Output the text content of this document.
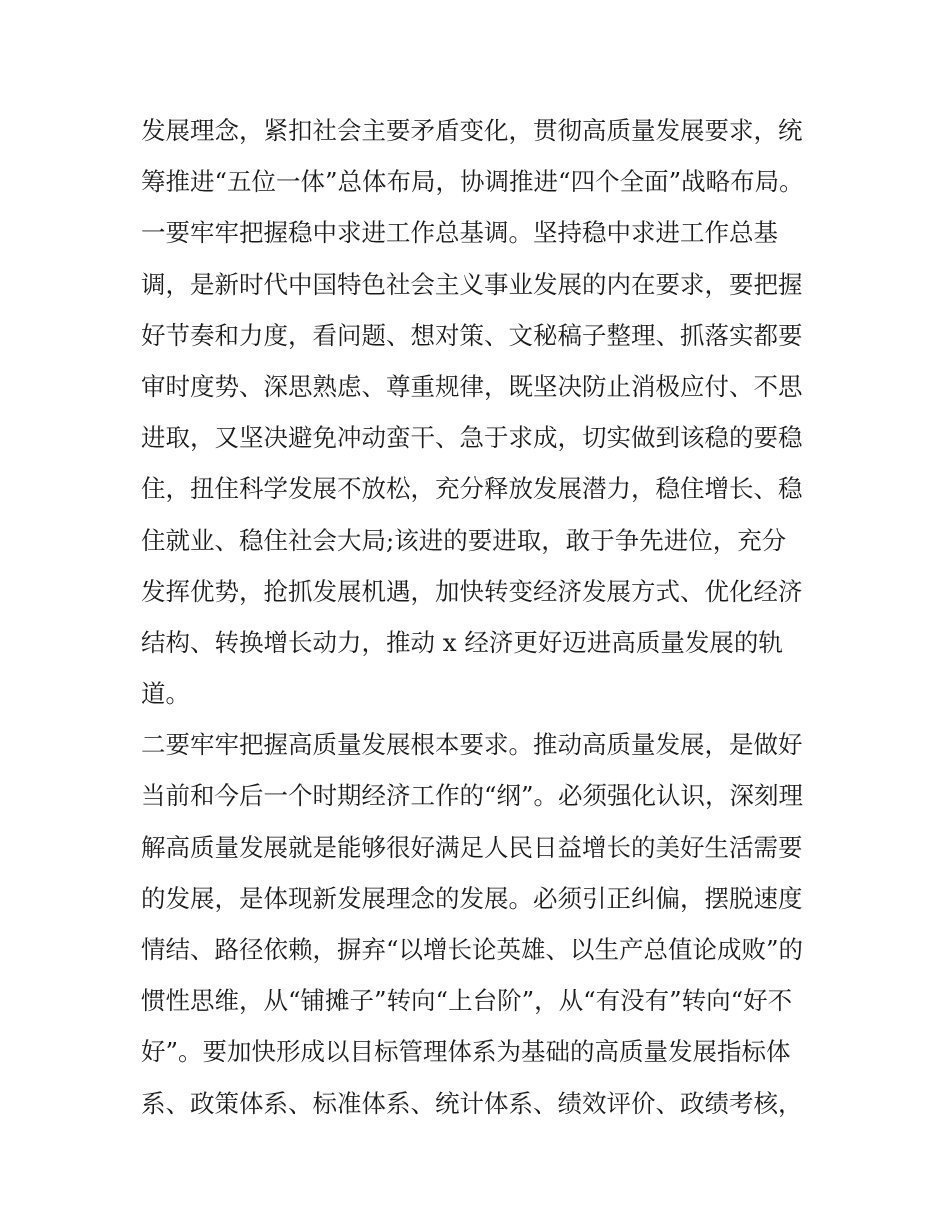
发展理念，紧扣社会主要矛盾变化，贯彻高质量发展要求，统
筹推进“五位一体”总体布局，协调推进“四个全面”战略布局。
一要牢牢把握稳中求进工作总基调。坚持稳中求进工作总基
调，是新时代中国特色社会主义事业发展的内在要求，要把握
好节奏和力度，看问题、想对策、文秘稿子整理、抓落实都要
审时度势、深思熟虑、尊重规律，既坚决防止消极应付、不思
进取，又坚决避免冲动蛮干、急于求成，切实做到该稳的要稳
住，扭住科学发展不放松，充分释放发展潜力，稳住增长、稳
住就业、稳住社会大局;该进的要进取，敢于争先进位，充分
发挥优势，抢抓发展机遇，加快转变经济发展方式、优化经济
结构、转换增长动力，推动 x 经济更好迈进高质量发展的轨
道。
二要牢牢把握高质量发展根本要求。推动高质量发展，是做好
当前和今后一个时期经济工作的“纲”。必须强化认识，深刻理
解高质量发展就是能够很好满足人民日益增长的美好生活需要
的发展，是体现新发展理念的发展。必须引正纠偏，摆脱速度
情结、路径依赖，摒弃“以增长论英雄、以生产总值论成败”的
惯性思维，从“铺摊子”转向“上台阶”，从“有没有”转向“好不
好”。要加快形成以目标管理体系为基础的高质量发展指标体
系、政策体系、标准体系、统计体系、绩效评价、政绩考核，
